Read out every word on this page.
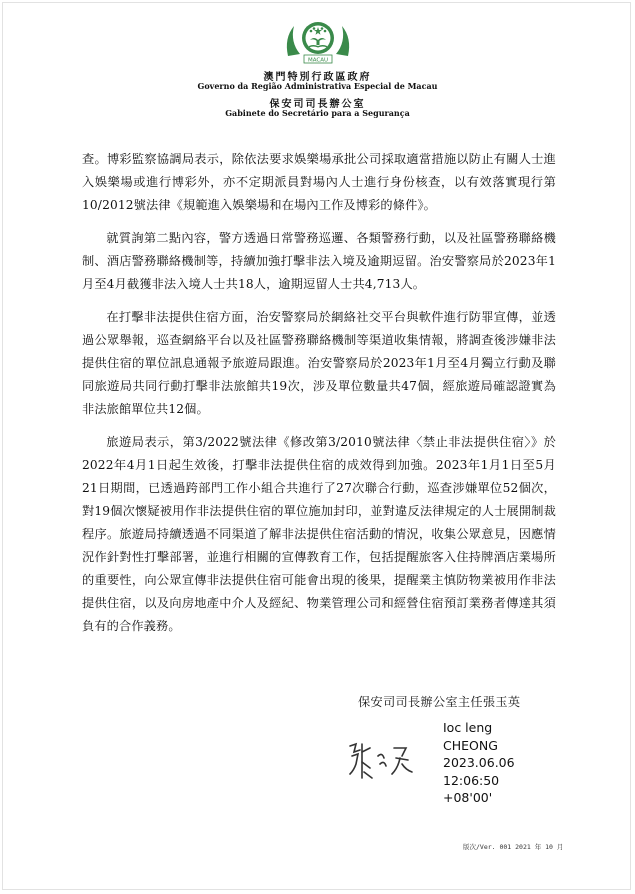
MACAU
澳門特別行政區政府
Governo da Região Administrativa Especial de Macau
保安司司長辦公室
Gabinete do Secretário para a Segurança

查。博彩監察協調局表示，除依法要求娛樂場承批公司採取適當措施以防止有關人士進入娛樂場或進行博彩外，亦不定期派員對場內人士進行身份核查，以有效落實現行第10/2012號法律《規範進入娛樂場和在場內工作及博彩的條件》。

就質詢第二點內容，警方透過日常警務巡邏、各類警務行動，以及社區警務聯絡機制、酒店警務聯絡機制等，持續加強打擊非法入境及逾期逗留。治安警察局於2023年1月至4月截獲非法入境人士共18人，逾期逗留人士共4,713人。

在打擊非法提供住宿方面，治安警察局於網絡社交平台與軟件進行防罪宣傳，並透過公眾舉報，巡查網絡平台以及社區警務聯絡機制等渠道收集情報，將調查後涉嫌非法提供住宿的單位訊息通報予旅遊局跟進。治安警察局於2023年1月至4月獨立行動及聯同旅遊局共同行動打擊非法旅館共19次，涉及單位數量共47個，經旅遊局確認證實為非法旅館單位共12個。

旅遊局表示，第3/2022號法律《修改第3/2010號法律〈禁止非法提供住宿〉》於2022年4月1日起生效後，打擊非法提供住宿的成效得到加強。2023年1月1日至5月21日期間，已透過跨部門工作小組合共進行了27次聯合行動，巡查涉嫌單位52個次，對19個次懷疑被用作非法提供住宿的單位施加封印，並對違反法律規定的人士展開制裁程序。旅遊局持續透過不同渠道了解非法提供住宿活動的情況，收集公眾意見，因應情況作針對性打擊部署，並進行相關的宣傳教育工作，包括提醒旅客入住持牌酒店業場所的重要性，向公眾宣傳非法提供住宿可能會出現的後果，提醒業主慎防物業被用作非法提供住宿，以及向房地產中介人及經紀、物業管理公司和經營住宿預訂業務者傳達其須負有的合作義務。

保安司司長辦公室主任張玉英
Ioc leng
CHEONG
2023.06.06
12:06:50
+08'00'
版次/Ver. 001 2021 年 10 月
